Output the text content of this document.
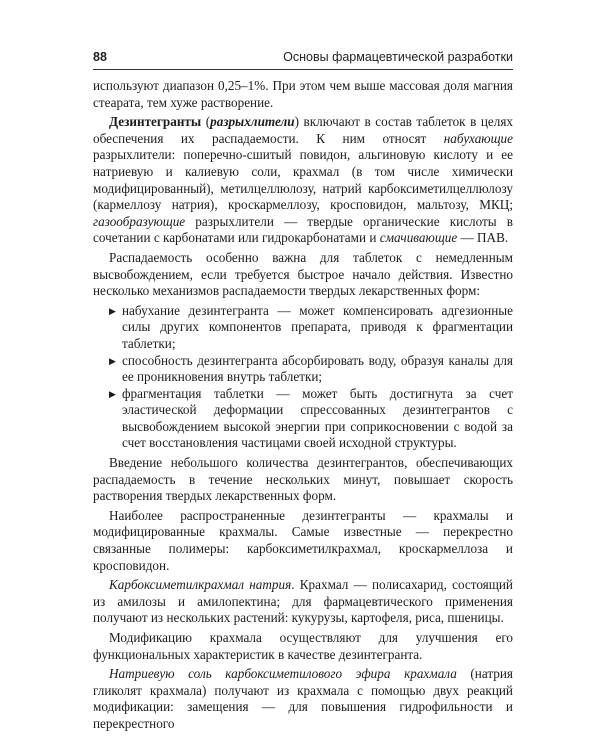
88	Основы фармацевтической разработки

используют диапазон 0,25–1%. При этом чем выше массовая доля магния стеарата, тем хуже растворение.

Дезинтегранты (разрыхлители) включают в состав таблеток в целях обеспечения их распадаемости. К ним относят набухающие разрыхлители: поперечно-сшитый повидон, альгиновую кислоту и ее натриевую и калиевую соли, крахмал (в том числе химически модифицированный), метилцеллюлозу, натрий карбоксиметилцеллюлозу (кармеллозу натрия), кроскармеллозу, кросповидон, мальтозу, МКЦ; газообразующие разрыхлители — твердые органические кислоты в сочетании с карбонатами или гидрокарбонатами и смачивающие — ПАВ.

Распадаемость особенно важна для таблеток с немедленным высвобождением, если требуется быстрое начало действия. Известно несколько механизмов распадаемости твердых лекарственных форм:

▶ набухание дезинтегранта — может компенсировать адгезионные силы других компонентов препарата, приводя к фрагментации таблетки;
▶ способность дезинтегранта абсорбировать воду, образуя каналы для ее проникновения внутрь таблетки;
▶ фрагментация таблетки — может быть достигнута за счет эластической деформации спрессованных дезинтегрантов с высвобождением высокой энергии при соприкосновении с водой за счет восстановления частицами своей исходной структуры.

Введение небольшого количества дезинтегрантов, обеспечивающих распадаемость в течение нескольких минут, повышает скорость растворения твердых лекарственных форм.

Наиболее распространенные дезинтегранты — крахмалы и модифицированные крахмалы. Самые известные — перекрестно связанные полимеры: карбоксиметилкрахмал, кроскармеллоза и кросповидон.

Карбоксиметилкрахмал натрия. Крахмал — полисахарид, состоящий из амилозы и амилопектина; для фармацевтического применения получают из нескольких растений: кукурузы, картофеля, риса, пшеницы.

Модификацию крахмала осуществляют для улучшения его функциональных характеристик в качестве дезинтегранта.

Натриевую соль карбоксиметилового эфира крахмала (натрия гликолят крахмала) получают из крахмала с помощью двух реакций модификации: замещения — для повышения гидрофильности и перекрестного
